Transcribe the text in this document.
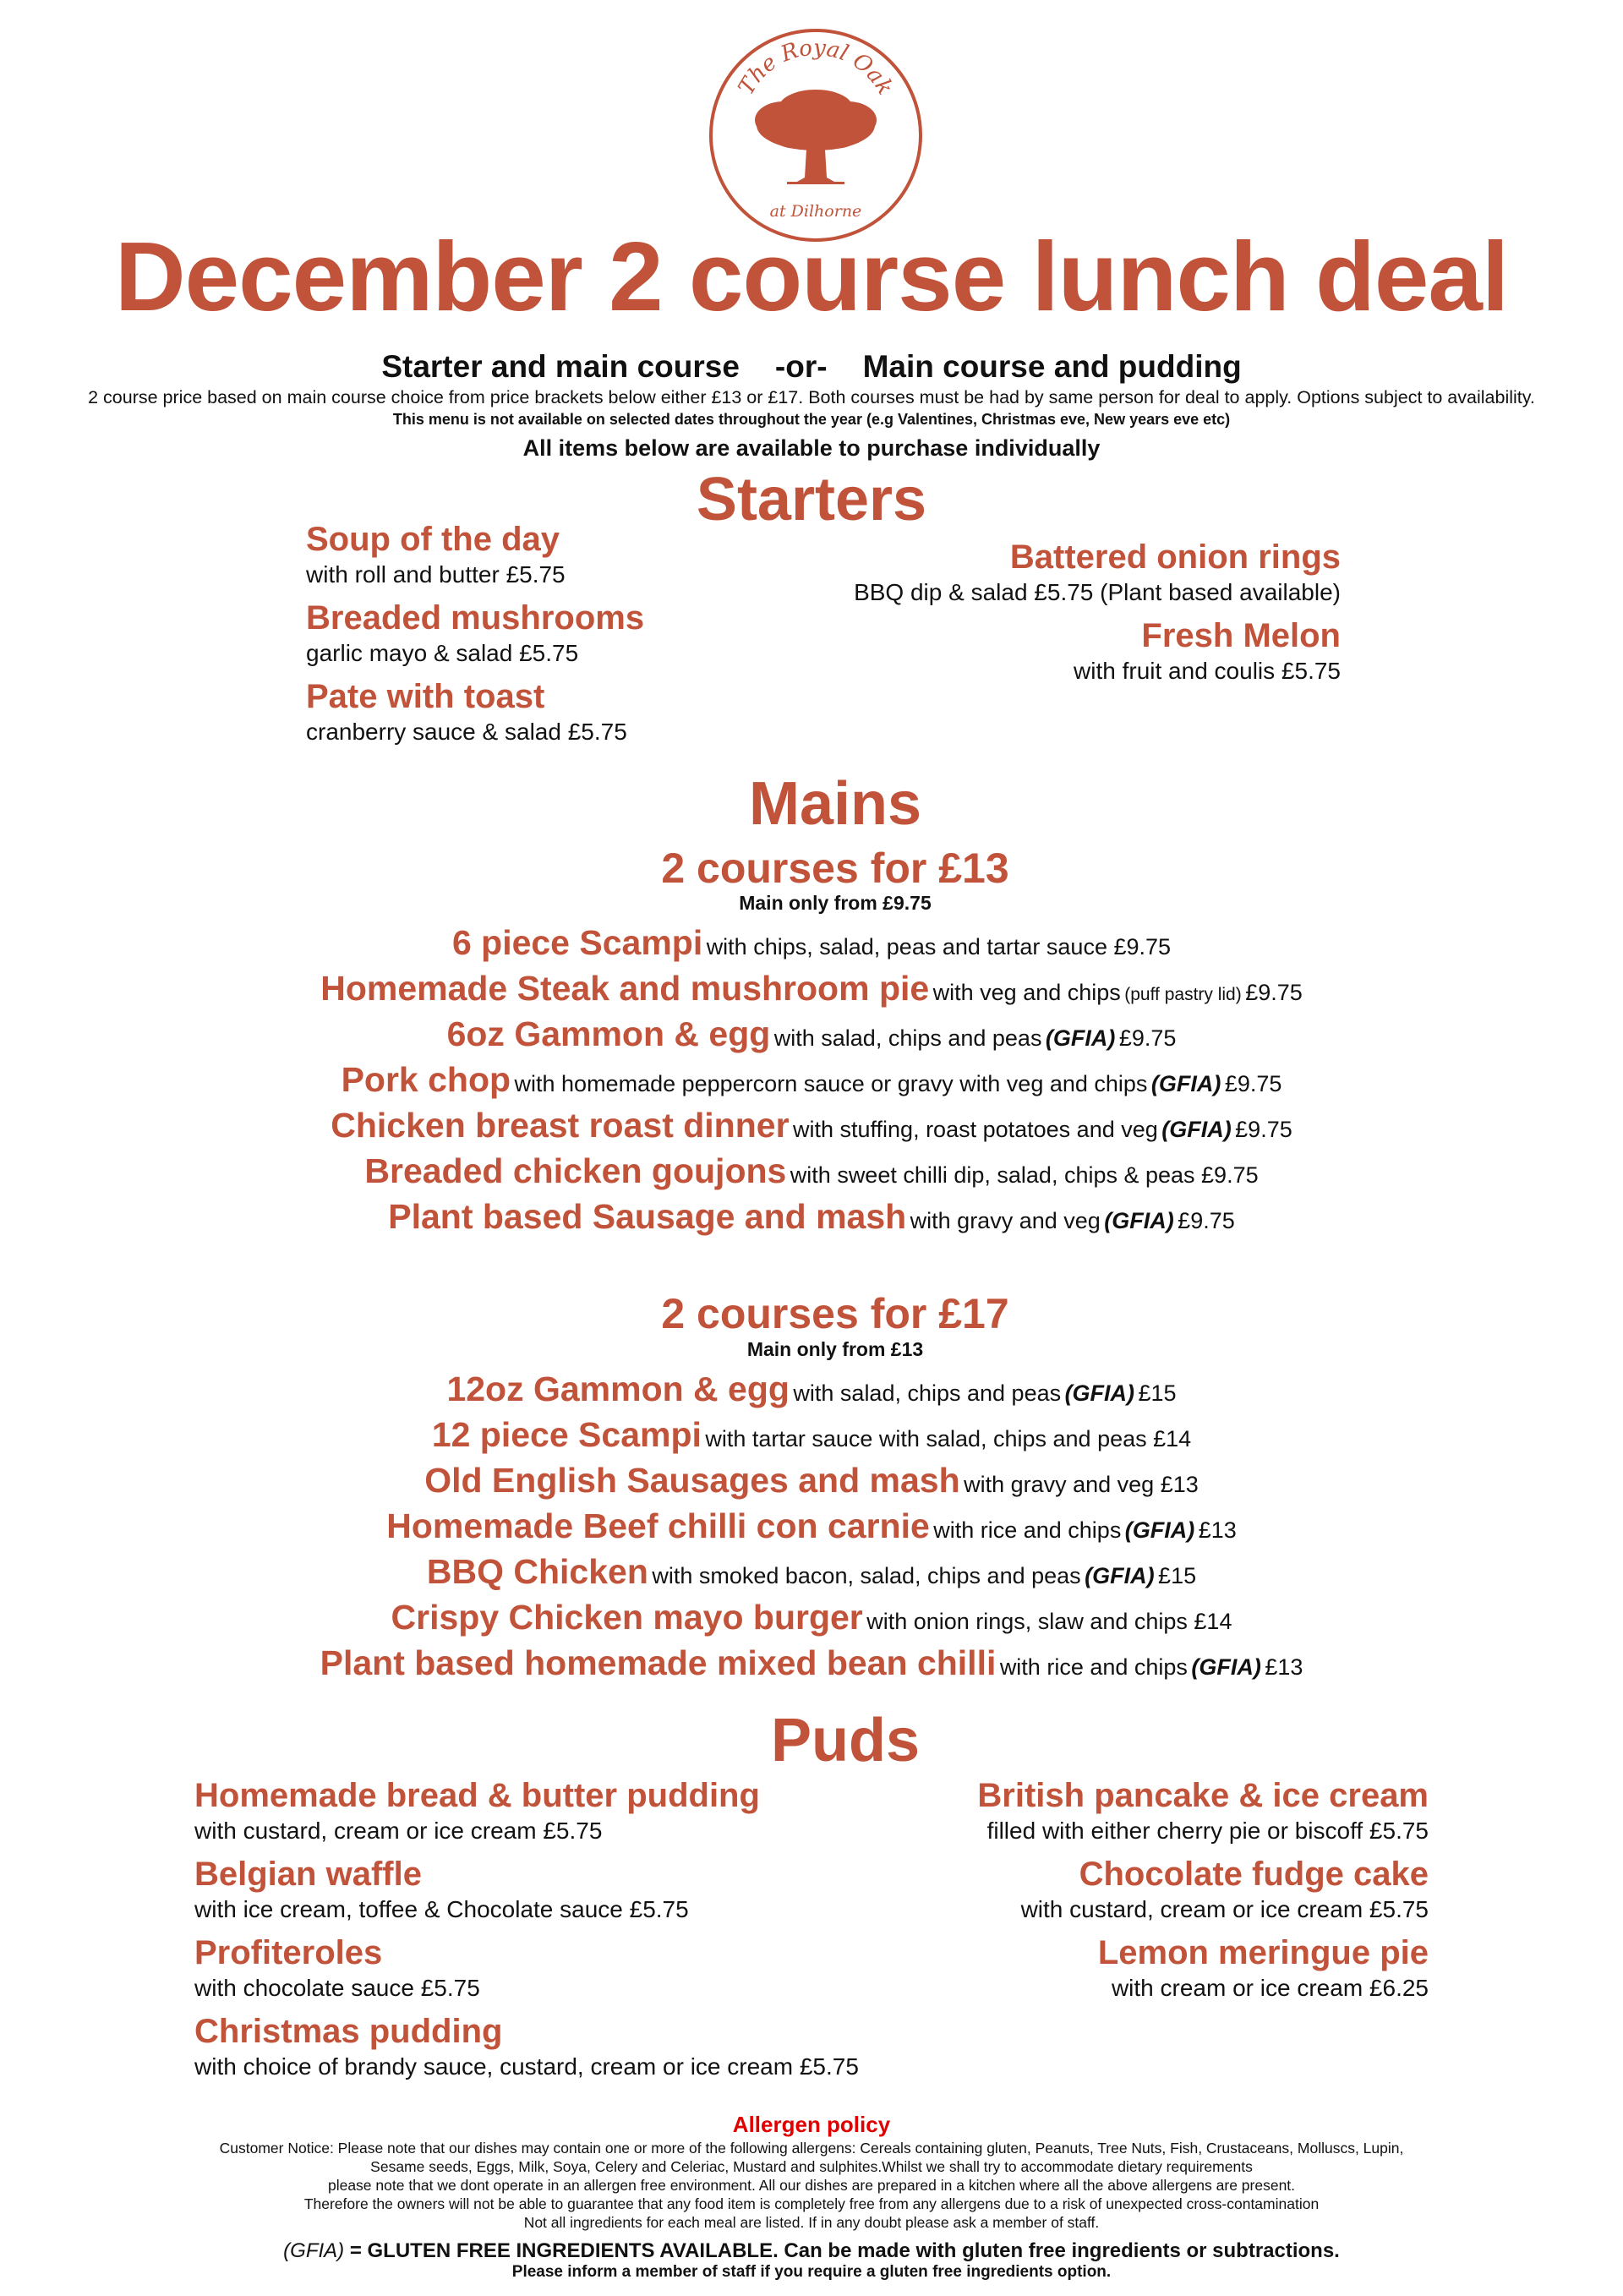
The Royal Oak
at Dilhorne
December 2 course lunch deal
Starter and main course -or- Main course and pudding
2 course price based on main course choice from price brackets below either £13 or £17. Both courses must be had by same person for deal to apply. Options subject to availability.
This menu is not available on selected dates throughout the year (e.g Valentines, Christmas eve, New years eve etc)
All items below are available to purchase individually
Starters
Soup of the day
with roll and butter £5.75
Breaded mushrooms
garlic mayo & salad £5.75
Pate with toast
cranberry sauce & salad £5.75
Battered onion rings
BBQ dip & salad £5.75 (Plant based available)
Fresh Melon
with fruit and coulis £5.75
Mains
2 courses for £13
Main only from £9.75
6 piece Scampi with chips, salad, peas and tartar sauce £9.75
Homemade Steak and mushroom pie with veg and chips (puff pastry lid) £9.75
6oz Gammon & egg with salad, chips and peas (GFIA) £9.75
Pork chop with homemade peppercorn sauce or gravy with veg and chips (GFIA) £9.75
Chicken breast roast dinner with stuffing, roast potatoes and veg (GFIA) £9.75
Breaded chicken goujons with sweet chilli dip, salad, chips & peas £9.75
Plant based Sausage and mash with gravy and veg (GFIA) £9.75
2 courses for £17
Main only from £13
12oz Gammon & egg with salad, chips and peas (GFIA) £15
12 piece Scampi with tartar sauce with salad, chips and peas £14
Old English Sausages and mash with gravy and veg £13
Homemade Beef chilli con carnie with rice and chips (GFIA) £13
BBQ Chicken with smoked bacon, salad, chips and peas (GFIA) £15
Crispy Chicken mayo burger with onion rings, slaw and chips £14
Plant based homemade mixed bean chilli with rice and chips (GFIA) £13
Puds
Homemade bread & butter pudding
with custard, cream or ice cream £5.75
Belgian waffle
with ice cream, toffee & Chocolate sauce £5.75
Profiteroles
with chocolate sauce £5.75
Christmas pudding
with choice of brandy sauce, custard, cream or ice cream £5.75
British pancake & ice cream
filled with either cherry pie or biscoff £5.75
Chocolate fudge cake
with custard, cream or ice cream £5.75
Lemon meringue pie
with cream or ice cream £6.25
Allergen policy
Customer Notice: Please note that our dishes may contain one or more of the following allergens: Cereals containing gluten, Peanuts, Tree Nuts, Fish, Crustaceans, Molluscs, Lupin,
Sesame seeds, Eggs, Milk, Soya, Celery and Celeriac, Mustard and sulphites.Whilst we shall try to accommodate dietary requirements
please note that we dont operate in an allergen free environment. All our dishes are prepared in a kitchen where all the above allergens are present.
Therefore the owners will not be able to guarantee that any food item is completely free from any allergens due to a risk of unexpected cross-contamination
Not all ingredients for each meal are listed. If in any doubt please ask a member of staff.
(GFIA) = GLUTEN FREE INGREDIENTS AVAILABLE. Can be made with gluten free ingredients or subtractions.
Please inform a member of staff if you require a gluten free ingredients option.
